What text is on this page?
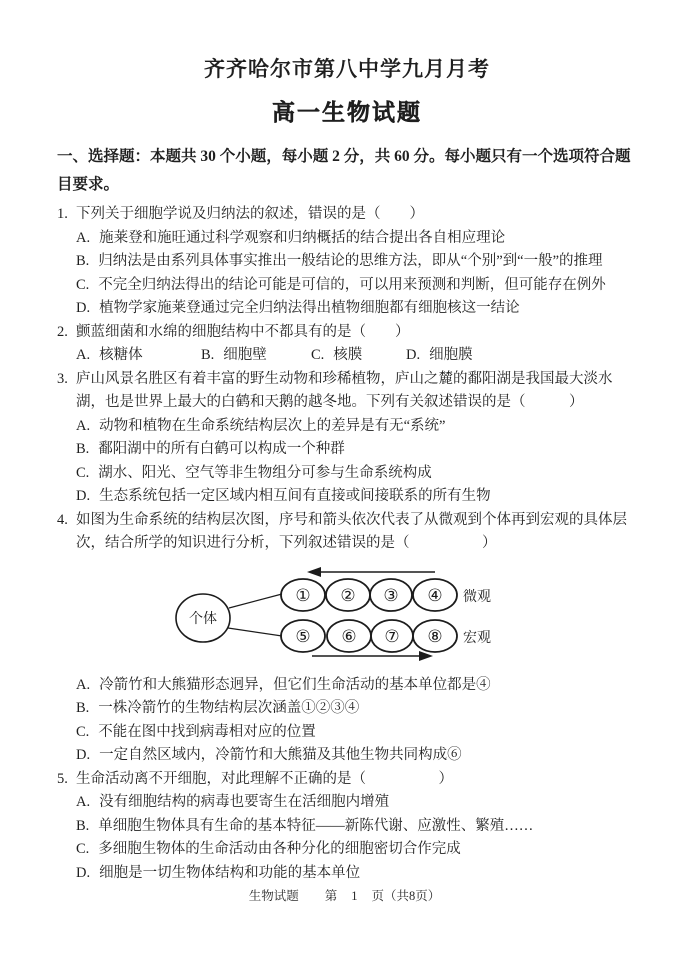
齐齐哈尔市第八中学九月月考
高一生物试题
一、选择题：本题共 30 个小题，每小题 2 分，共 60 分。每小题只有一个选项符合题目要求。

1. 下列关于细胞学说及归纳法的叙述，错误的是（　　）

A. 施莱登和施旺通过科学观察和归纳概括的结合提出各自相应理论
B. 归纳法是由系列具体事实推出一般结论的思维方法，即从“个别”到“一般”的推理
C. 不完全归纳法得出的结论可能是可信的，可以用来预测和判断，但可能存在例外
D. 植物学家施莱登通过完全归纳法得出植物细胞都有细胞核这一结论

2. 颤蓝细菌和水绵的细胞结构中不都具有的是（　　）

A. 核糖体	B. 细胞壁	C. 核膜	D. 细胞膜

3. 庐山风景名胜区有着丰富的野生动物和珍稀植物，庐山之麓的鄱阳湖是我国最大淡水湖，也是世界上最大的白鹤和天鹅的越冬地。下列有关叙述错误的是（　　　）

A. 动物和植物在生命系统结构层次上的差异是有无“系统”
B. 鄱阳湖中的所有白鹤可以构成一个种群
C. 湖水、阳光、空气等非生物组分可参与生命系统构成
D. 生态系统包括一定区域内相互间有直接或间接联系的所有生物

4. 如图为生命系统的结构层次图，序号和箭头依次代表了从微观到个体再到宏观的具体层次，结合所学的知识进行分析，下列叙述错误的是（　　　　　）

个体
① ② ③ ④ 微观
⑤ ⑥ ⑦ ⑧ 宏观
A. 冷箭竹和大熊猫形态迥异，但它们生命活动的基本单位都是④
B. 一株冷箭竹的生物结构层次涵盖①②③④
C. 不能在图中找到病毒相对应的位置
D. 一定自然区域内，冷箭竹和大熊猫及其他生物共同构成⑥

5. 生命活动离不开细胞，对此理解不正确的是（　　　　　）

A. 没有细胞结构的病毒也要寄生在活细胞内增殖
B. 单细胞生物体具有生命的基本特征——新陈代谢、应激性、繁殖……
C. 多细胞生物体的生命活动由各种分化的细胞密切合作完成
D. 细胞是一切生物体结构和功能的基本单位
生物试题 第 1 页（共8页）
